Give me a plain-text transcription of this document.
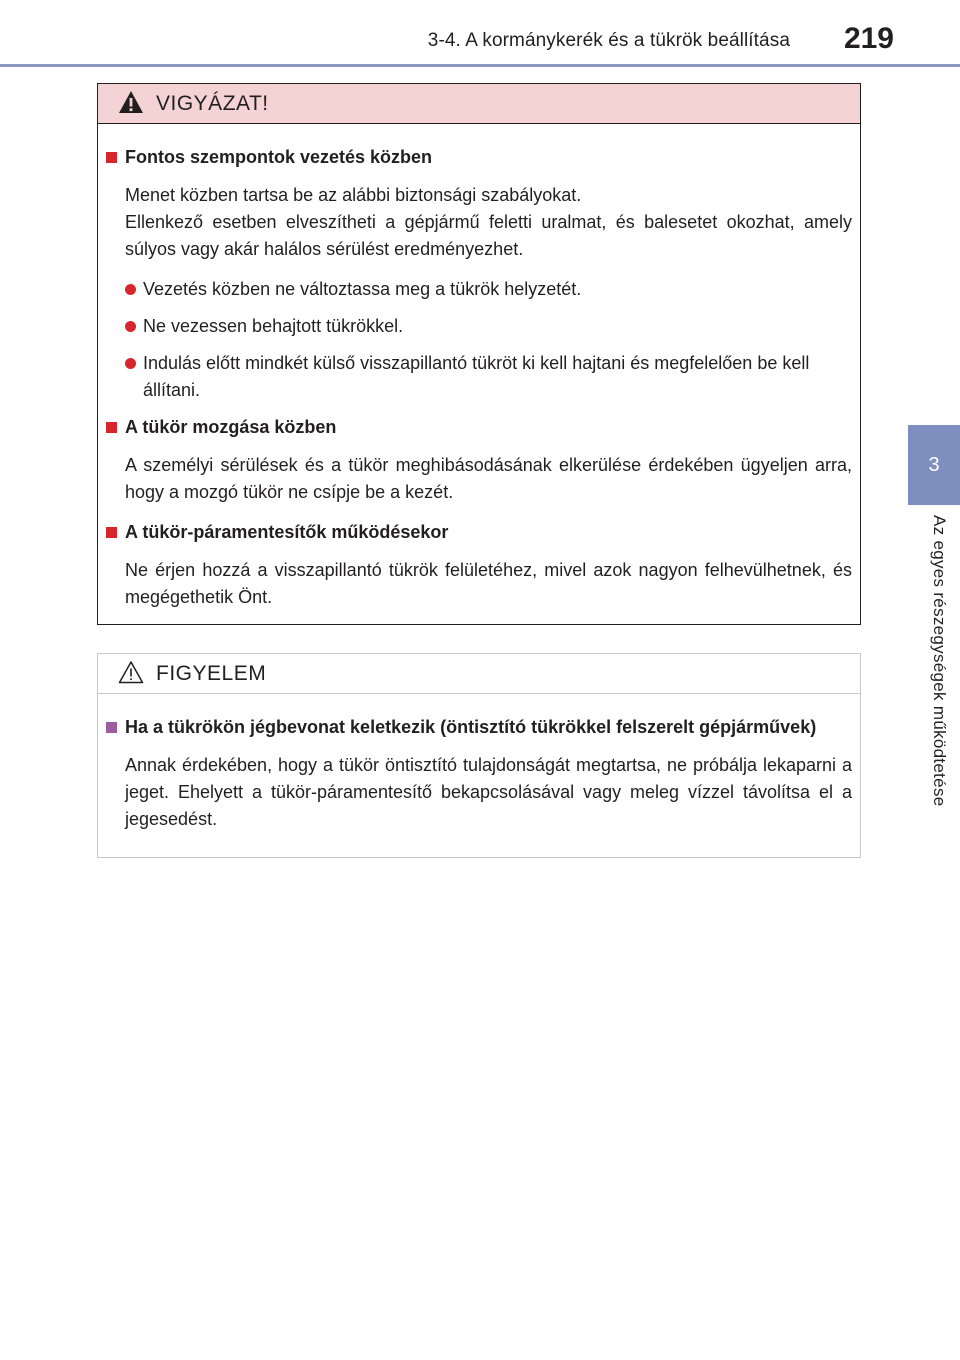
3-4. A kormánykerék és a tükrök beállítása 219
3
Az egyes részegységek működtetése
VIGYÁZAT!
Fontos szempontok vezetés közben
Menet közben tartsa be az alábbi biztonsági szabályokat.
Ellenkező esetben elveszítheti a gépjármű feletti uralmat, és balesetet okozhat, amely súlyos vagy akár halálos sérülést eredményezhet.
Vezetés közben ne változtassa meg a tükrök helyzetét.
Ne vezessen behajtott tükrökkel.
Indulás előtt mindkét külső visszapillantó tükröt ki kell hajtani és megfelelően be kell állítani.
A tükör mozgása közben
A személyi sérülések és a tükör meghibásodásának elkerülése érdekében ügyeljen arra, hogy a mozgó tükör ne csípje be a kezét.
A tükör-páramentesítők működésekor
Ne érjen hozzá a visszapillantó tükrök felületéhez, mivel azok nagyon felhevülhetnek, és megégethetik Önt.
FIGYELEM
Ha a tükrökön jégbevonat keletkezik (öntisztító tükrökkel felszerelt gépjárművek)
Annak érdekében, hogy a tükör öntisztító tulajdonságát megtartsa, ne próbálja lekaparni a jeget. Ehelyett a tükör-páramentesítő bekapcsolásával vagy meleg vízzel távolítsa el a jegesedést.
